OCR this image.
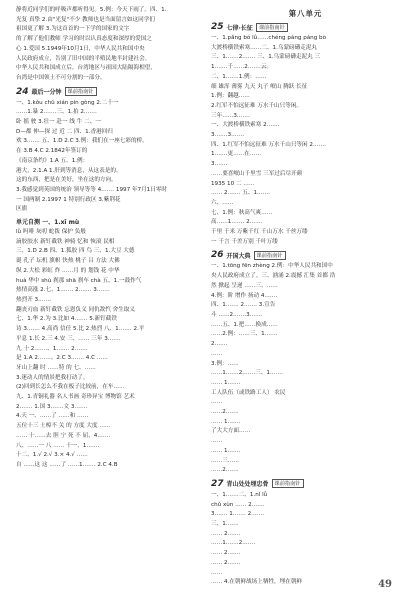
静将近同学们的呼吸声都听得见。5.例：今天下雨了。四、1.

光复 真挚 2.由"光复"不少 教师也是当面留言如这同学们

祖国更了解 3.为这首首的一下学的国家的文字

的了解了他们教师 学习的时以认真态度和深厚的爱国之

心 1.爱国 5.1949年10月1日，中华人民共和国中央

人民政府成立，告别了旧中国的半殖民地半封建社会。

中华人民共和国成立后，台湾地区与祖国大陆隔海相望，

台湾是中国领土不可分割的一部分。

24 最后一分钟	课前指南针

一、1.kǒu chǔ xián pín gòng 2.二十一

……1.暴 2.……三、1.拍 2.……

卧 摇 驶 3.壮一 赴一 线 牛 二、一

D—都 伸—探 过 近 二 四、1.香港回归

欢 3.…… 五、1.D 2.C 3.例：我们在一座七彩的桥，

在 3.B 4.C 2.1842年签订的

《南京条约》1.A 五、1.例：

港大，2.1.A 1.肝到等消息，从这表是的。

这的东西，把是在美好，坐在这的方向。

3.我感觉到英国的统治 领导等等 4.…… 1997 年7月1日零时

一 国两制 2.1997 1 特别行政区 3.紫荆花

区旗

单元自测 一、1.xī mù

lǜ 吗啡 灰叨 蛇拨 保护 负般

滴胶胶水 新钉截铁 神骑 忆和 恢滚 民相

三、1.D 2.B 四、1.狐胶 四 鸟 三、1.大豆 大德

诞 孔子 坛机 旗帜 快热 桃子 吕 方法 大佛

纵 2.大松 彩虹 炸 ……月 的 划钱 花 中华

huà 华中 shù 刹那 shā 刹车 chà 五、1.一鼓作气

热情高涨 2.七、1.…… 2.…… 3.……

热烈开 3.……

翻丧刃血 新钉截铁 忘恩负义 同仇敌忾 舍生取义

七、1.华 2.为 3.比如 4.…… 5.新钉截铁

诗 3.…… 4.高尚 信任 5.比 2.热烈 八、1.…… 2.平

平息 1.长 2.三 4.安 三、…… 三年 3.……

九 十 2.……、1.…… 2.……

是 1.A 2.……、2.C 3.…… 4.C ……

牙山上翻 时 ……特 的 七、……

3.迷动人的情景把我打动了。

(2)回到长怎么不我在板子比较前，在车……

九、1.青铜礼器 名人书画 奇珍异宝 博物馆 艺术

2.…… 1.国 3.……文 3.……

4.天 一、……了 ……和 ……

五位十三 土樟不 关 的 方度 大度 ……

…… 十……去 胆 宁 死 不 屈，4.……

八、……一 八 …… 十一、1.……

十二、1.√ 2.√ 3.× 4.√ ……

自 ……这 这 ……了 ……1.…… 2.C 4.B

第八单元
25 七律·长征	课前指南针

一、1.pǎng bó lǘ……chéng páng páng bò

大渡桥横铁索寒……二、1.乌蒙磅礴走泥丸

三、1.……2.…… 三、1.乌蒙磅礴走泥丸 三

1.……千……2.……云。

二、1.……1.例：……

细 雄浑 薄雾 九天 丸子 岷山 腾跃 长征

1.例：翻越……

2.红军不怕远征难 万水千山只等闲。

三年……3.……

一、大渡桥横铁索寒 2.……

3.……3.……

四、1.红军不怕远征难 万水千山只等闲 2.……

1.……更……在……

3.……

……要喜岷山千里雪 三军过后尽开颜

1935 10 二 ……

…… 2.…… 五、1.……

六、……

七、1.例：秋高气爽……

高……1.…… 2.……

千里 千米 万紫千红 千山万水 千丝万缕

一 千言 千差万别 千叶万缕

26 开国大典	课前指南针

一、1.tōng fēn zhèng 2.例：中华人民共和国中

央人民政府成立了。三、汹涌 2.震撼 汇集 首都 浩

然 掀起 呈递 ……三、……

4.例：阶 增作 扬动 4.……

四、1.…… 2.…… 3.宣告

斗 ……2.……3.……

……五、1.把……换成……

……2.例：……三、1.……

2.……

……

3.例：……

……1.……2.……三、1.……

…… 1.……

工人队伍（或铁路工人） 农民

……

……2.……

…… 1.……

了大大方面……

……

…… 1.……

……三……

……2.……

27 青山处处埋忠骨	课前指南针

一、1.……二、1.nǐ lǚ

chǔ xùn …… 2.……

3.…… 1.…… 2.……

三、1.……

…… 2.……

……1.……2.……

…… 2.……

…… 2.……

……

…… 4.在朝鲜战场上牺牲，埋在朝鲜	49
